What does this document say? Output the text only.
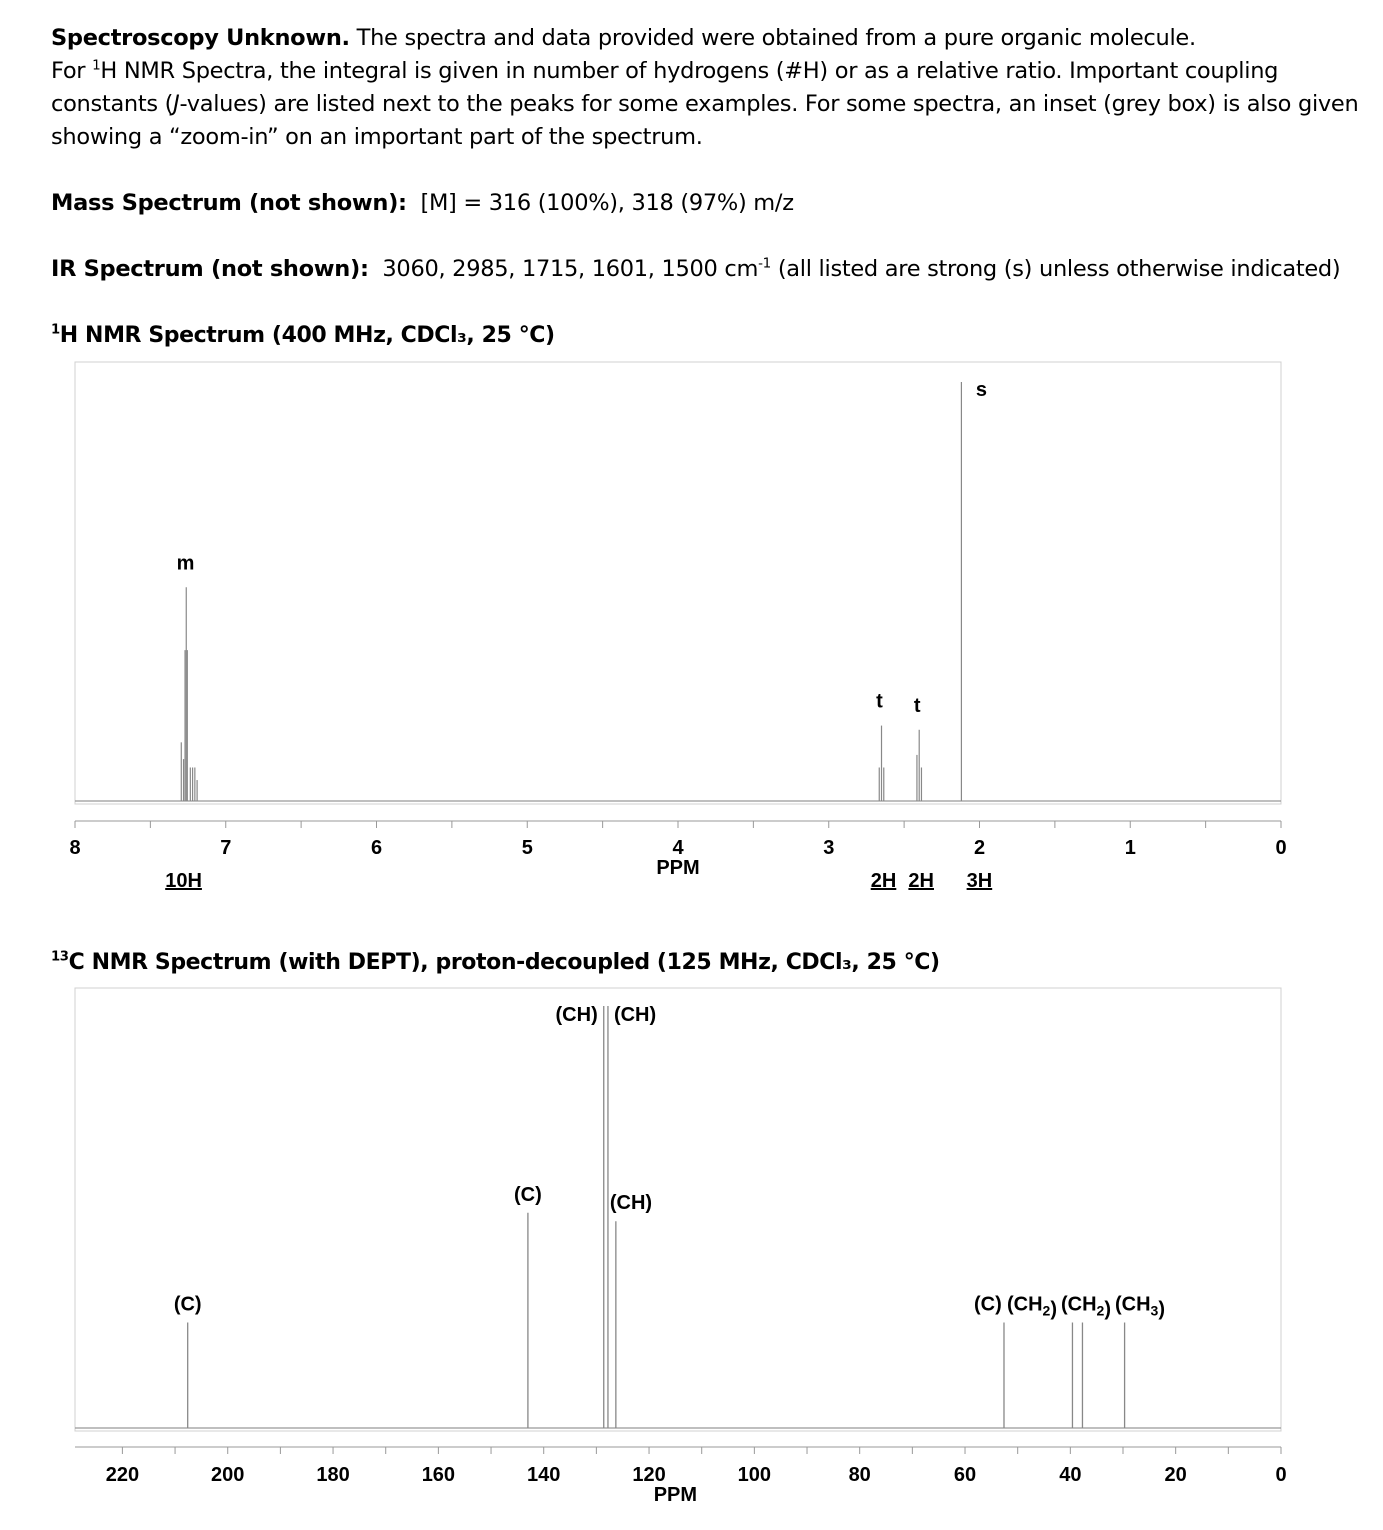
Spectroscopy Unknown. The spectra and data provided were obtained from a pure organic molecule.

For $^1$H NMR Spectra, the integral is given in number of hydrogens (#H) or as a relative ratio. Important coupling constants (J-values) are listed next to the peaks for some examples. For some spectra, an inset (grey box) is also given showing a “zoom-in” on an important part of the spectrum.

Mass Spectrum (not shown): [M] = 316 (100%), 318 (97%) m/z
IR Spectrum (not shown): 3060, 2985, 1715, 1601, 1500 $cm^{-1}$ (all listed are strong (s) unless otherwise indicated)
$^1$H NMR Spectrum (400 MHz, CDCl₃, 25 °C)
8	7	6	5	4	3	2	1	0
PPM
m
10H
t
2H
t
2H
s
3H
$^{13}$C NMR Spectrum (with DEPT), proton-decoupled (125 MHz, CDCl₃, 25 °C)
220	200	180	160	140	120	100	80	60	40	20	0
PPM
(C)
(C)
(CH) (CH)
(CH)
(C) $(CH_2)$ $(CH_2)$ $(CH_3)$
